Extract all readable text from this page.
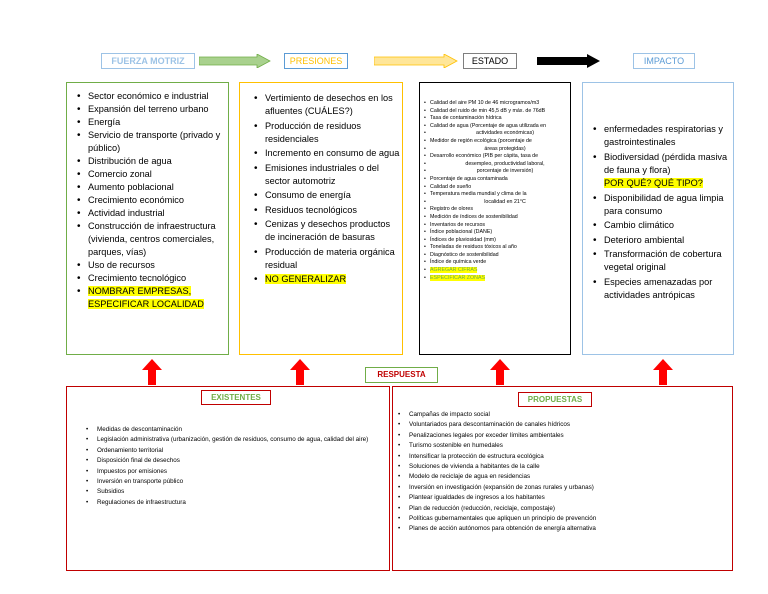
FUERZA MOTRIZ	PRESIONES	ESTADO	IMPACTO
• Sector económico e industrial
• Expansión del terreno urbano
• Energía
• Servicio de transporte (privado y público)
• Distribución de agua
• Comercio zonal
• Aumento poblacional
• Crecimiento económico
• Actividad industrial
• Construcción de infraestructura (vivienda, centros comerciales, parques, vías)
• Uso de recursos
• Crecimiento tecnológico
• NOMBRAR EMPRESAS, ESPECIFICAR LOCALIDAD
• Vertimiento de desechos en los afluentes (CUÁLES?)
• Producción de residuos residenciales
• Incremento en consumo de agua
• Emisiones industriales o del sector automotriz
• Consumo de energía
• Residuos tecnológicos
• Cenizas y desechos productos de incineración de basuras
• Producción de materia orgánica residual
• NO GENERALIZAR
• Calidad del aire PM 10 de 46 microgramos/m3
• Calidad del ruido de min 45,5 dB y máx. de 76dB
• Tasa de contaminación hídrica
• Calidad de agua (Porcentaje de agua utilizada en
• actividades económicas)
• Medidor de región ecológica (porcentaje de
• áreas protegidas)
• Desarrollo económico (PIB per cápita, tasa de
• desempleo, productividad laboral,
• porcentaje de inversión)
• Porcentaje de agua contaminada
• Calidad de sueño
• Temperatura media mundial y clima de la
• localidad en 21°C
• Registro de olores
• Medición de índices de sostenibilidad
• Inventarios de recursos
• Índice poblacional (DANE)
• Índices de pluviosidad (mm)
• Toneladas de residuos tóxicos al año
• Diagnóstico de sostenibilidad
• Índice de química verde
• AGREGAR CIFRAS
• ESPECIFICAR ZONAS
• enfermedades respiratorias y gastrointestinales
• Biodiversidad (pérdida masiva de fauna y flora)
POR QUÉ? QUÉ TIPO?
• Disponibilidad de agua limpia para consumo
• Cambio climático
• Deterioro ambiental
• Transformación de cobertura vegetal original
• Especies amenazadas por actividades antrópicas
RESPUESTA
EXISTENTES
• Medidas de descontaminación
• Legislación administrativa (urbanización, gestión de residuos, consumo de agua, calidad del aire)
• Ordenamiento territorial
• Disposición final de desechos
• Impuestos por emisiones
• Inversión en transporte público
• Subsidios
• Regulaciones de infraestructura
PROPUESTAS
• Campañas de impacto social
• Voluntariados para descontaminación de canales hídricos
• Penalizaciones legales por exceder límites ambientales
• Turismo sostenible en humedales
• Intensificar la protección de estructura ecológica
• Soluciones de vivienda a habitantes de la calle
• Modelo de reciclaje de agua en residencias
• Inversión en investigación (expansión de zonas rurales y urbanas)
• Plantear igualdades de ingresos a los habitantes
• Plan de reducción (reducción, reciclaje, compostaje)
• Políticas gubernamentales que apliquen un principio de prevención
• Planes de acción autónomos para obtención de energía alternativa
